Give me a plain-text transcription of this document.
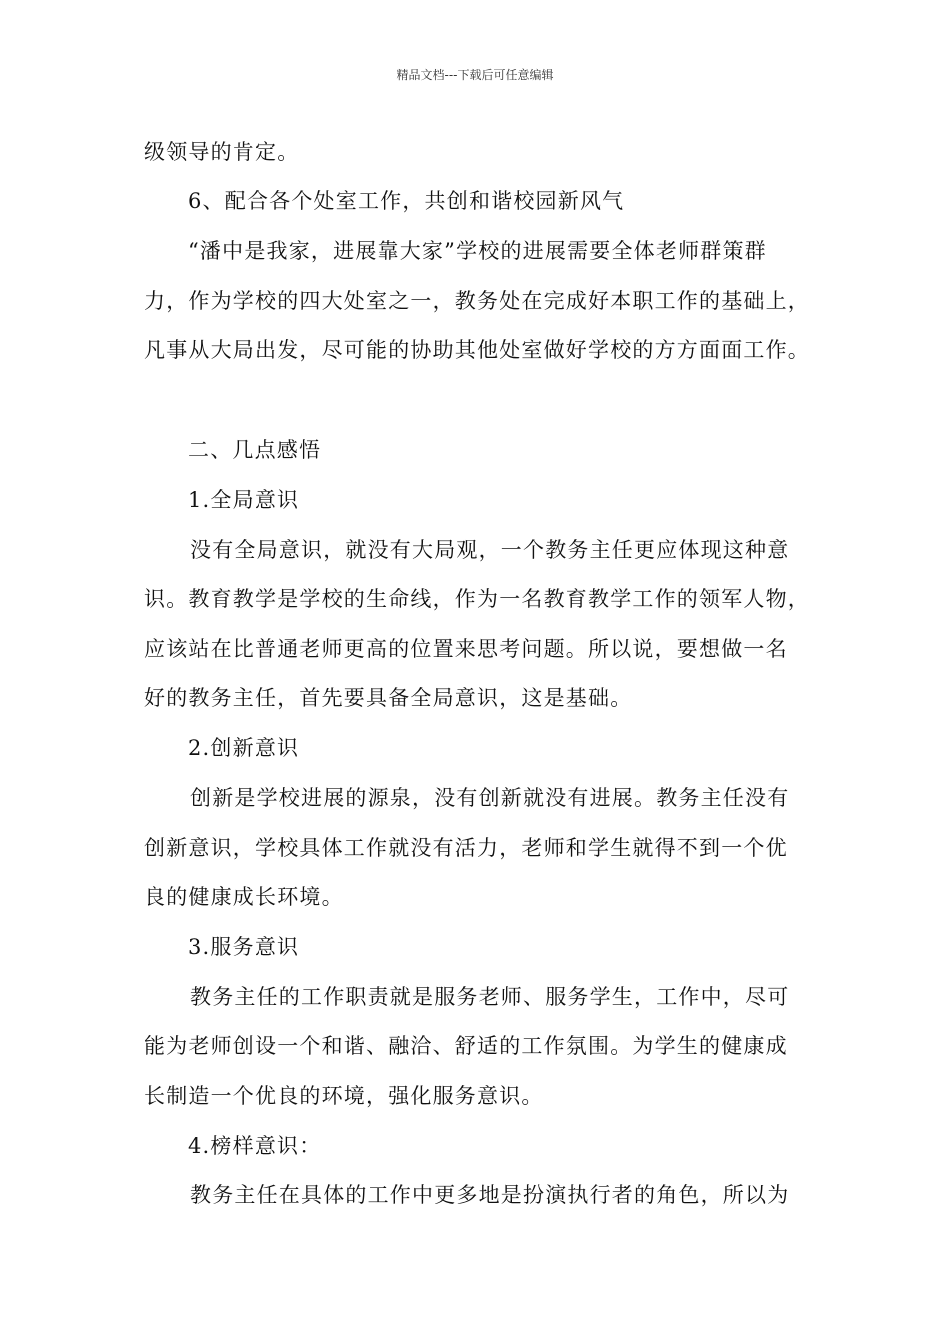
精品文档---下载后可任意编辑
级领导的肯定。
6、配合各个处室工作，共创和谐校园新风气
“潘中是我家，进展靠大家”学校的进展需要全体老师群策群
力，作为学校的四大处室之一，教务处在完成好本职工作的基础上，
凡事从大局出发，尽可能的协助其他处室做好学校的方方面面工作。
二、几点感悟
1.全局意识
没有全局意识，就没有大局观，一个教务主任更应体现这种意
识。教育教学是学校的生命线，作为一名教育教学工作的领军人物，
应该站在比普通老师更高的位置来思考问题。所以说，要想做一名
好的教务主任，首先要具备全局意识，这是基础。
2.创新意识
创新是学校进展的源泉，没有创新就没有进展。教务主任没有
创新意识，学校具体工作就没有活力，老师和学生就得不到一个优
良的健康成长环境。
3.服务意识
教务主任的工作职责就是服务老师、服务学生，工作中，尽可
能为老师创设一个和谐、融洽、舒适的工作氛围。为学生的健康成
长制造一个优良的环境，强化服务意识。
4.榜样意识：
教务主任在具体的工作中更多地是扮演执行者的角色，所以为
